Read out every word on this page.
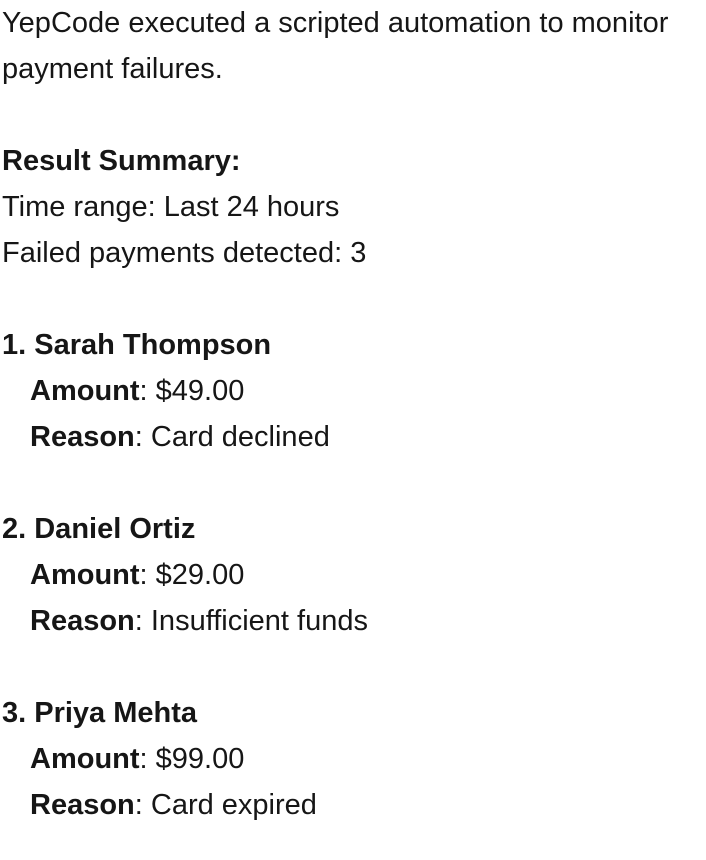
YepCode executed a scripted automation to monitor payment failures.

Result Summary:
Time range: Last 24 hours
Failed payments detected: 3
1. Sarah Thompson
Amount: $49.00
Reason: Card declined
2. Daniel Ortiz
Amount: $29.00
Reason: Insufficient funds
3. Priya Mehta
Amount: $99.00
Reason: Card expired
